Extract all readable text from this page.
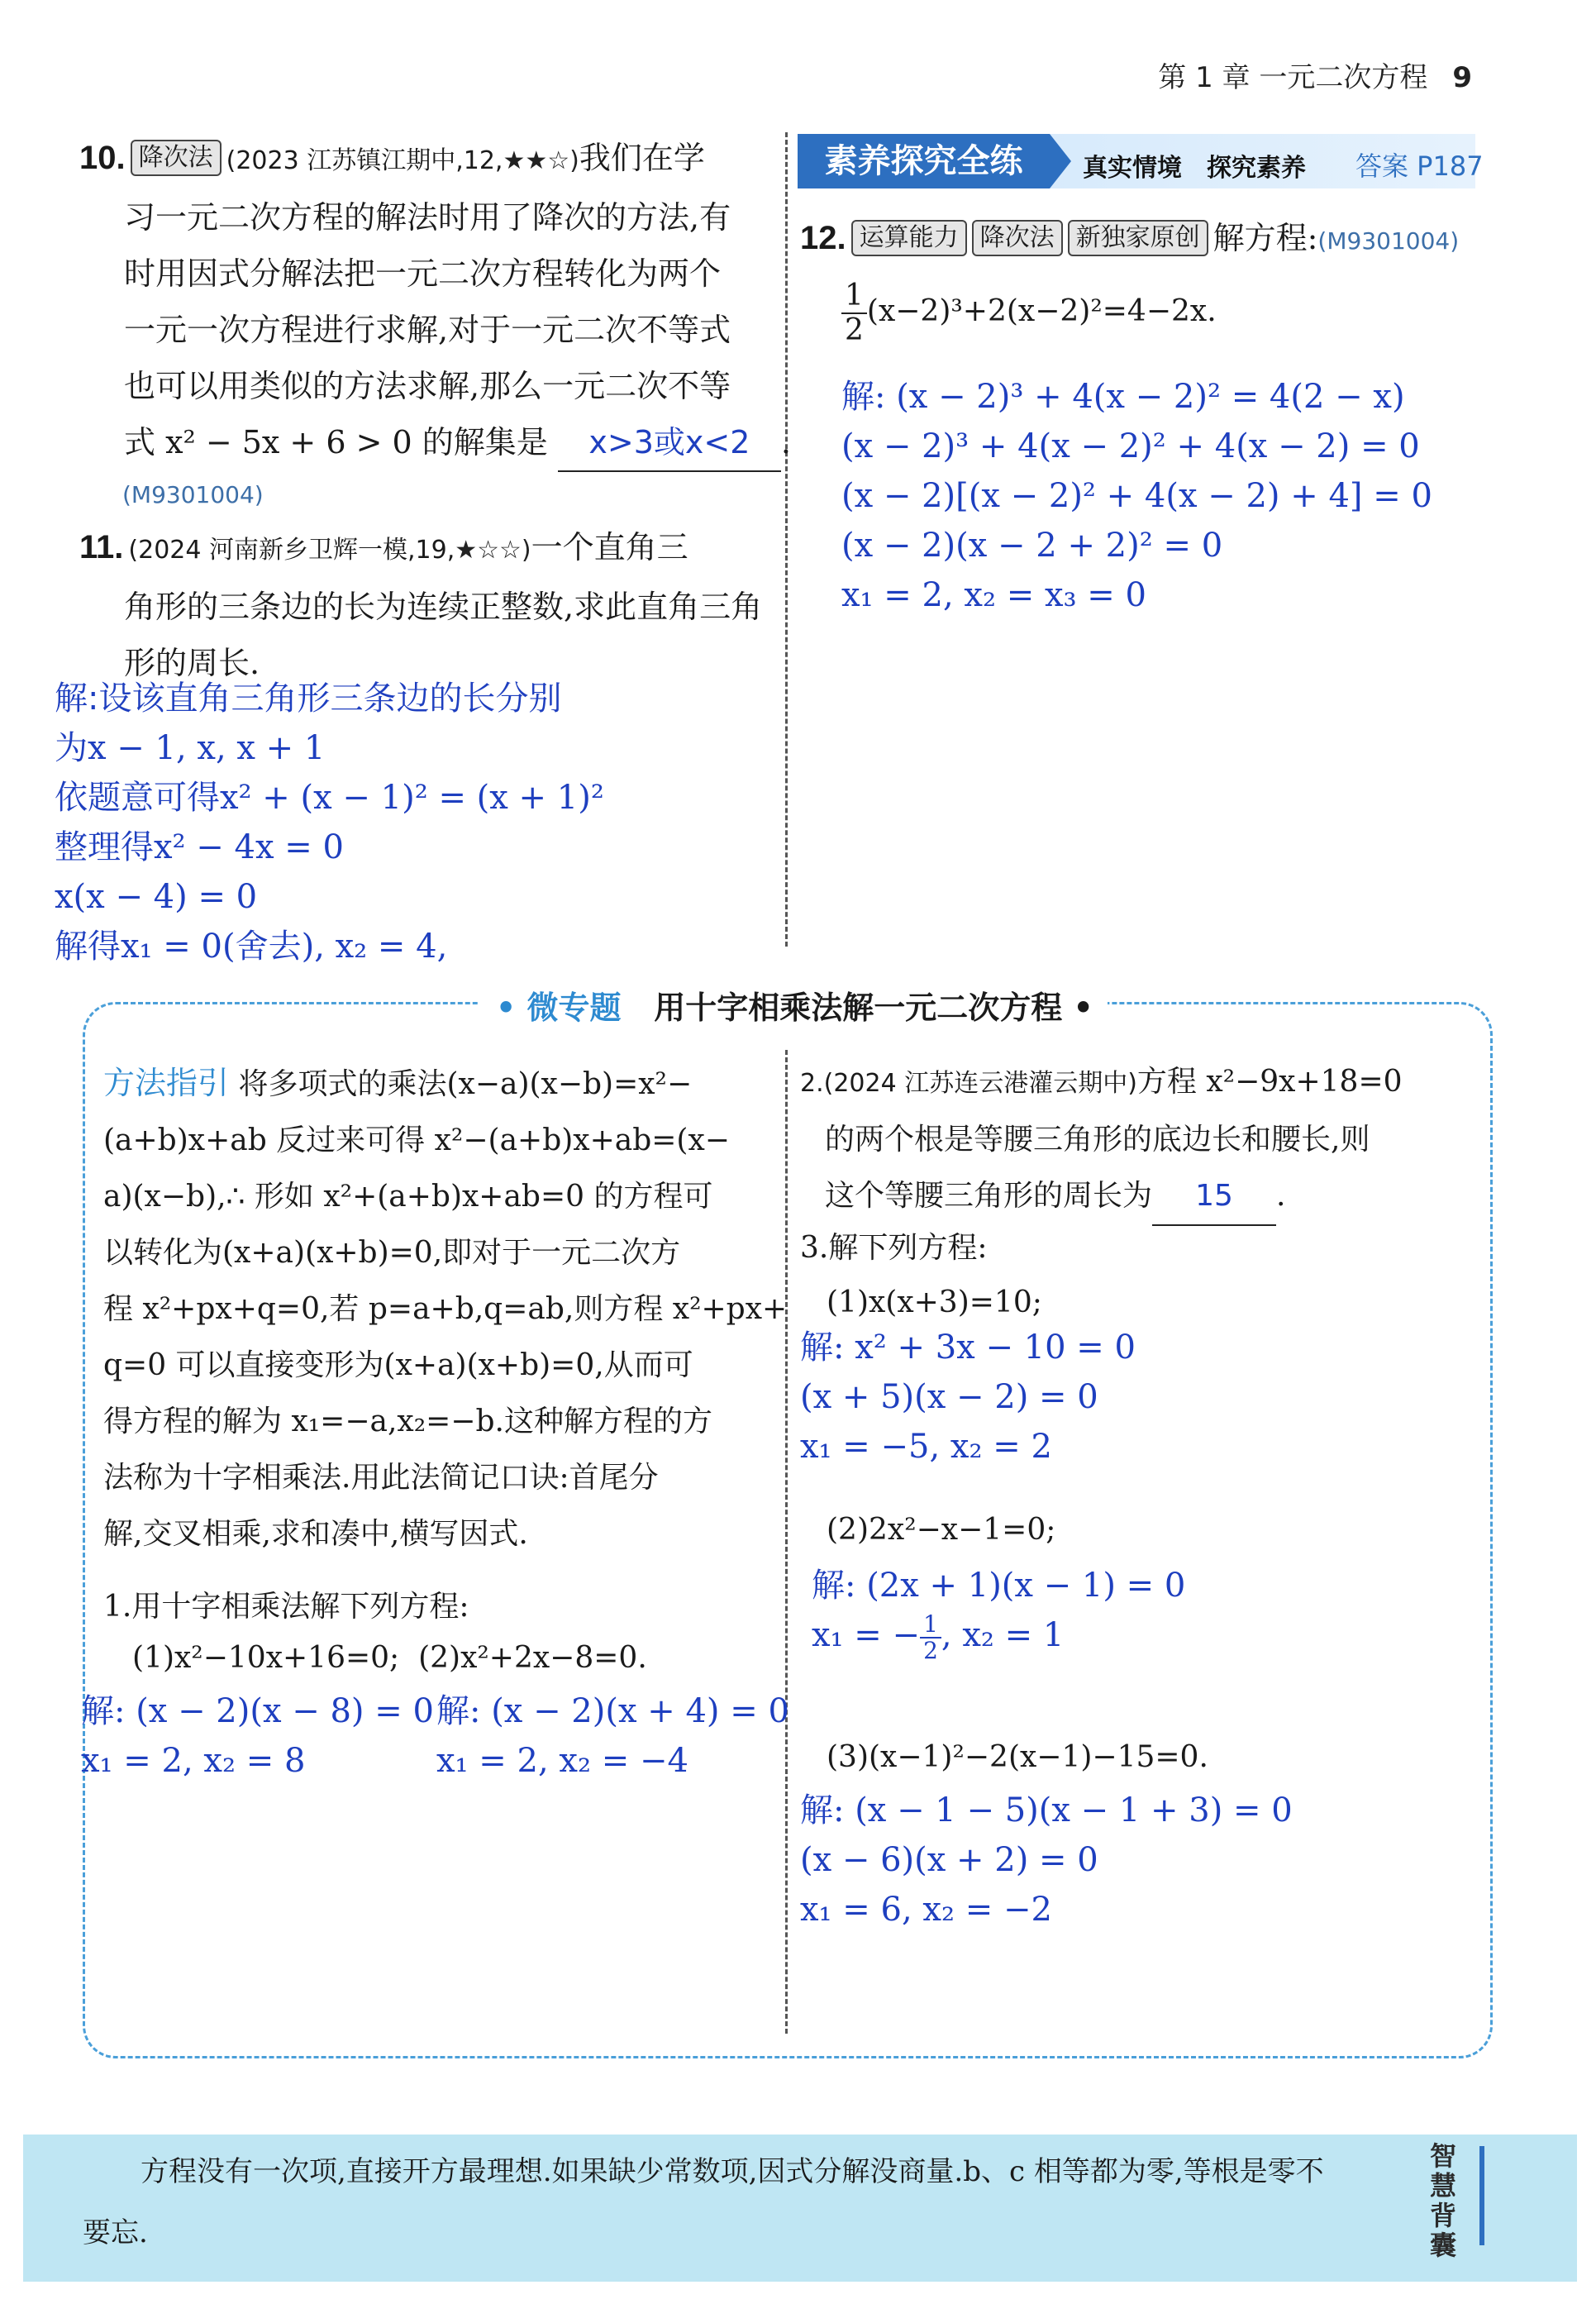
第 1 章 一元二次方程 9
10. 降次法 (2023 江苏镇江期中,12,★★☆)我们在学
习一元二次方程的解法时用了降次的方法,有
时用因式分解法把一元二次方程转化为两个
一元一次方程进行求解,对于一元二次不等式
也可以用类似的方法求解,那么一元二次不等
式 x² − 5x + 6 > 0 的解集是 x>3或x<2 .
(M9301004)
11. (2024 河南新乡卫辉一模,19,★☆☆)一个直角三
角形的三条边的长为连续正整数,求此直角三角
形的周长.
解:设该直角三角形三条边的长分别
为x − 1, x, x + 1
依题意可得x² + (x − 1)² = (x + 1)²
整理得x² − 4x = 0
x(x − 4) = 0
解得x₁ = 0(舍去), x₂ = 4,
素养探究全练	真实情境 探究素养 答案 P187
12. 运算能力 降次法 新独家原创 解方程:(M9301004)
$\frac{1}{2} (x-2)^3+2(x-2)^2=4-2x$.
解: (x − 2)³ + 4(x − 2)² = 4(2 − x)
(x − 2)³ + 4(x − 2)² + 4(x − 2) = 0
(x − 2)[(x − 2)² + 4(x − 2) + 4] = 0
(x − 2)(x − 2 + 2)² = 0
x₁ = 2, x₂ = x₃ = 0
• 微专题 用十字相乘法解一元二次方程 •
方法指引 将多项式的乘法(x−a)(x−b)=x²−
(a+b)x+ab 反过来可得 x²−(a+b)x+ab=(x−
a)(x−b),∴ 形如 x²+(a+b)x+ab=0 的方程可
以转化为(x+a)(x+b)=0,即对于一元二次方
程 x²+px+q=0,若 p=a+b,q=ab,则方程 x²+px+
q=0 可以直接变形为(x+a)(x+b)=0,从而可
得方程的解为 x₁=−a,x₂=−b.这种解方程的方
法称为十字相乘法.用此法简记口诀:首尾分
解,交叉相乘,求和凑中,横写因式.
1.用十字相乘法解下列方程:
(1)x²−10x+16=0; (2)x²+2x−8=0.
解: (x − 2)(x − 8) = 0
x₁ = 2, x₂ = 8
解: (x − 2)(x + 4) = 0
x₁ = 2, x₂ = −4
2.(2024 江苏连云港灌云期中)方程 x²−9x+18=0
的两个根是等腰三角形的底边长和腰长,则
这个等腰三角形的周长为 15 .
3.解下列方程:
(1)x(x+3)=10;
解: x² + 3x − 10 = 0
(x + 5)(x − 2) = 0
x₁ = −5, x₂ = 2
(2)2x²−x−1=0;
解: (2x + 1)(x − 1) = 0
x₁ = − $\frac{1}{2}$ , x₂ = 1
(3)(x−1)²−2(x−1)−15=0.
解: (x − 1 − 5)(x − 1 + 3) = 0
(x − 6)(x + 2) = 0
x₁ = 6, x₂ = −2
方程没有一次项,直接开方最理想.如果缺少常数项,因式分解没商量.b、c 相等都为零,等根是零不
要忘.
智慧背囊
